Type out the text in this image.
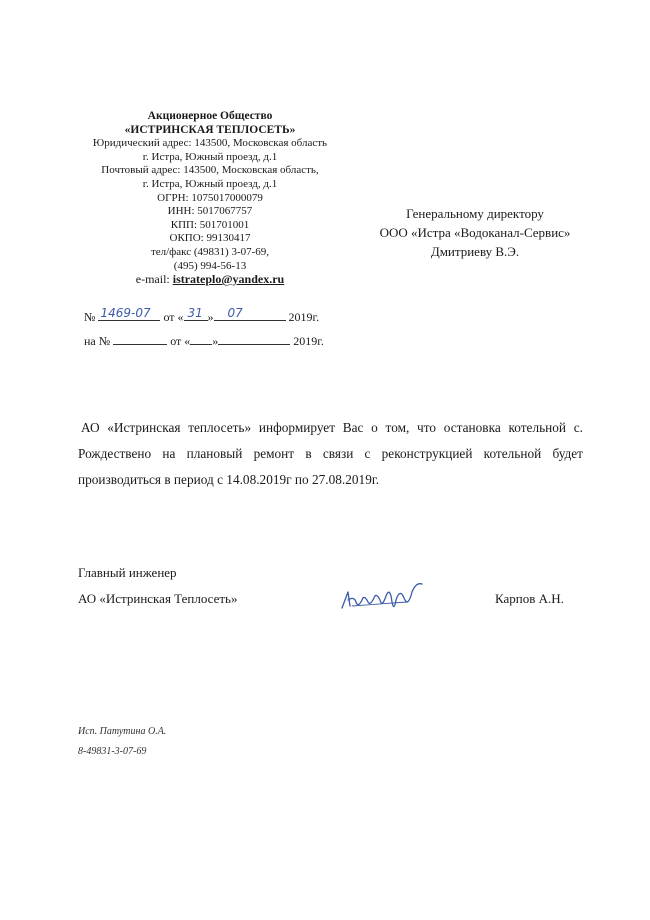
Акционерное Общество
«ИСТРИНСКАЯ ТЕПЛОСЕТЬ»
Юридический адрес: 143500, Московская область
г. Истра, Южный проезд, д.1
Почтовый адрес: 143500, Московская область,
г. Истра, Южный проезд, д.1
ОГРН: 1075017000079
ИНН: 5017067757
КПП: 501701001
ОКПО: 99130417
тел/факс (49831) 3-07-69,
(495) 994-56-13
e-mail: istrateplo@yandex.ru
Генеральному директору
ООО «Истра «Водоканал-Сервис»
Дмитриеву В.Э.
№ 1469-07 от « 31 » 07	2019г.
на №	от « »	2019г.

АО «Истринская теплосеть» информирует Вас о том, что остановка котельной с. Рождествено на плановый ремонт в связи с реконструкцией котельной будет производиться в период с 14.08.2019г по 27.08.2019г.

Главный инженер
АО «Истринская Теплосеть»	Карпов А.Н.
Исп. Патутина О.А.
8-49831-3-07-69
